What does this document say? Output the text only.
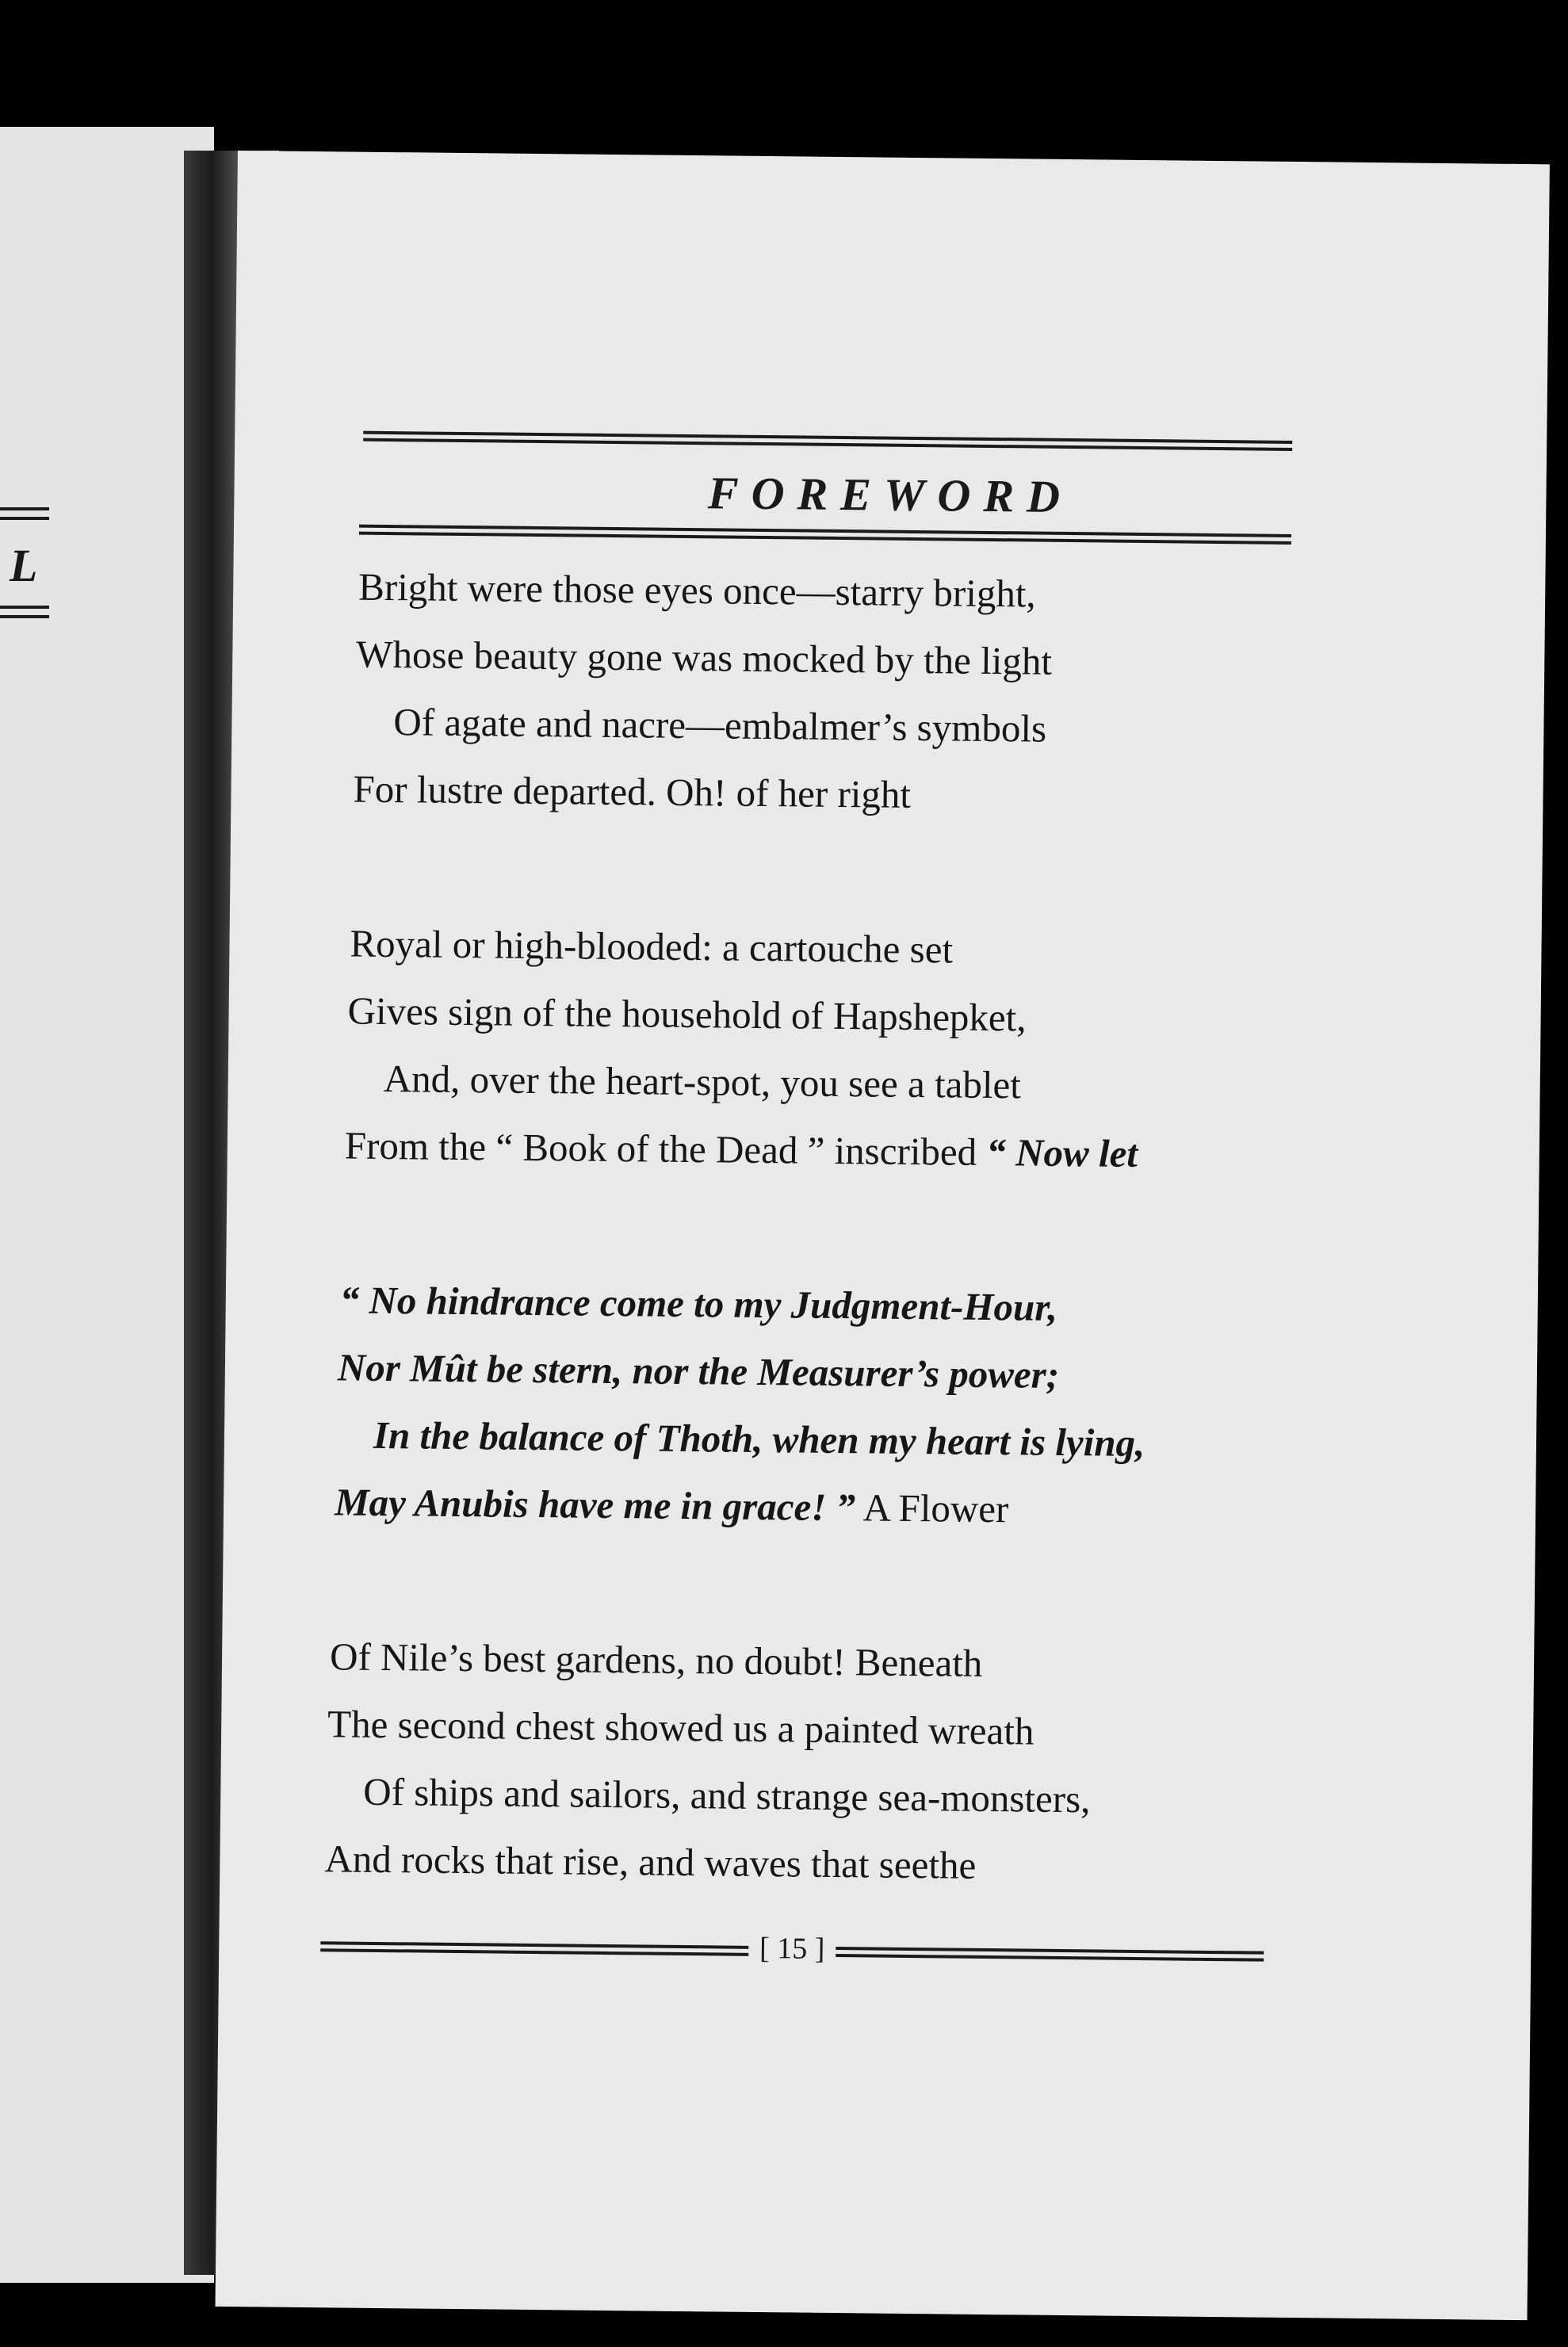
L
FOREWORD
Bright were those eyes once—starry bright,
Whose beauty gone was mocked by the light
Of agate and nacre—embalmer’s symbols
For lustre departed. Oh! of her right
Royal or high-blooded: a cartouche set
Gives sign of the household of Hapshepket,
And, over the heart-spot, you see a tablet
From the “ Book of the Dead ” inscribed “ Now let
“ No hindrance come to my Judgment-Hour,
Nor Mût be stern, nor the Measurer’s power;
In the balance of Thoth, when my heart is lying,
May Anubis have me in grace! ” A Flower
Of Nile’s best gardens, no doubt! Beneath
The second chest showed us a painted wreath
Of ships and sailors, and strange sea-monsters,
And rocks that rise, and waves that seethe
[ 15 ]
